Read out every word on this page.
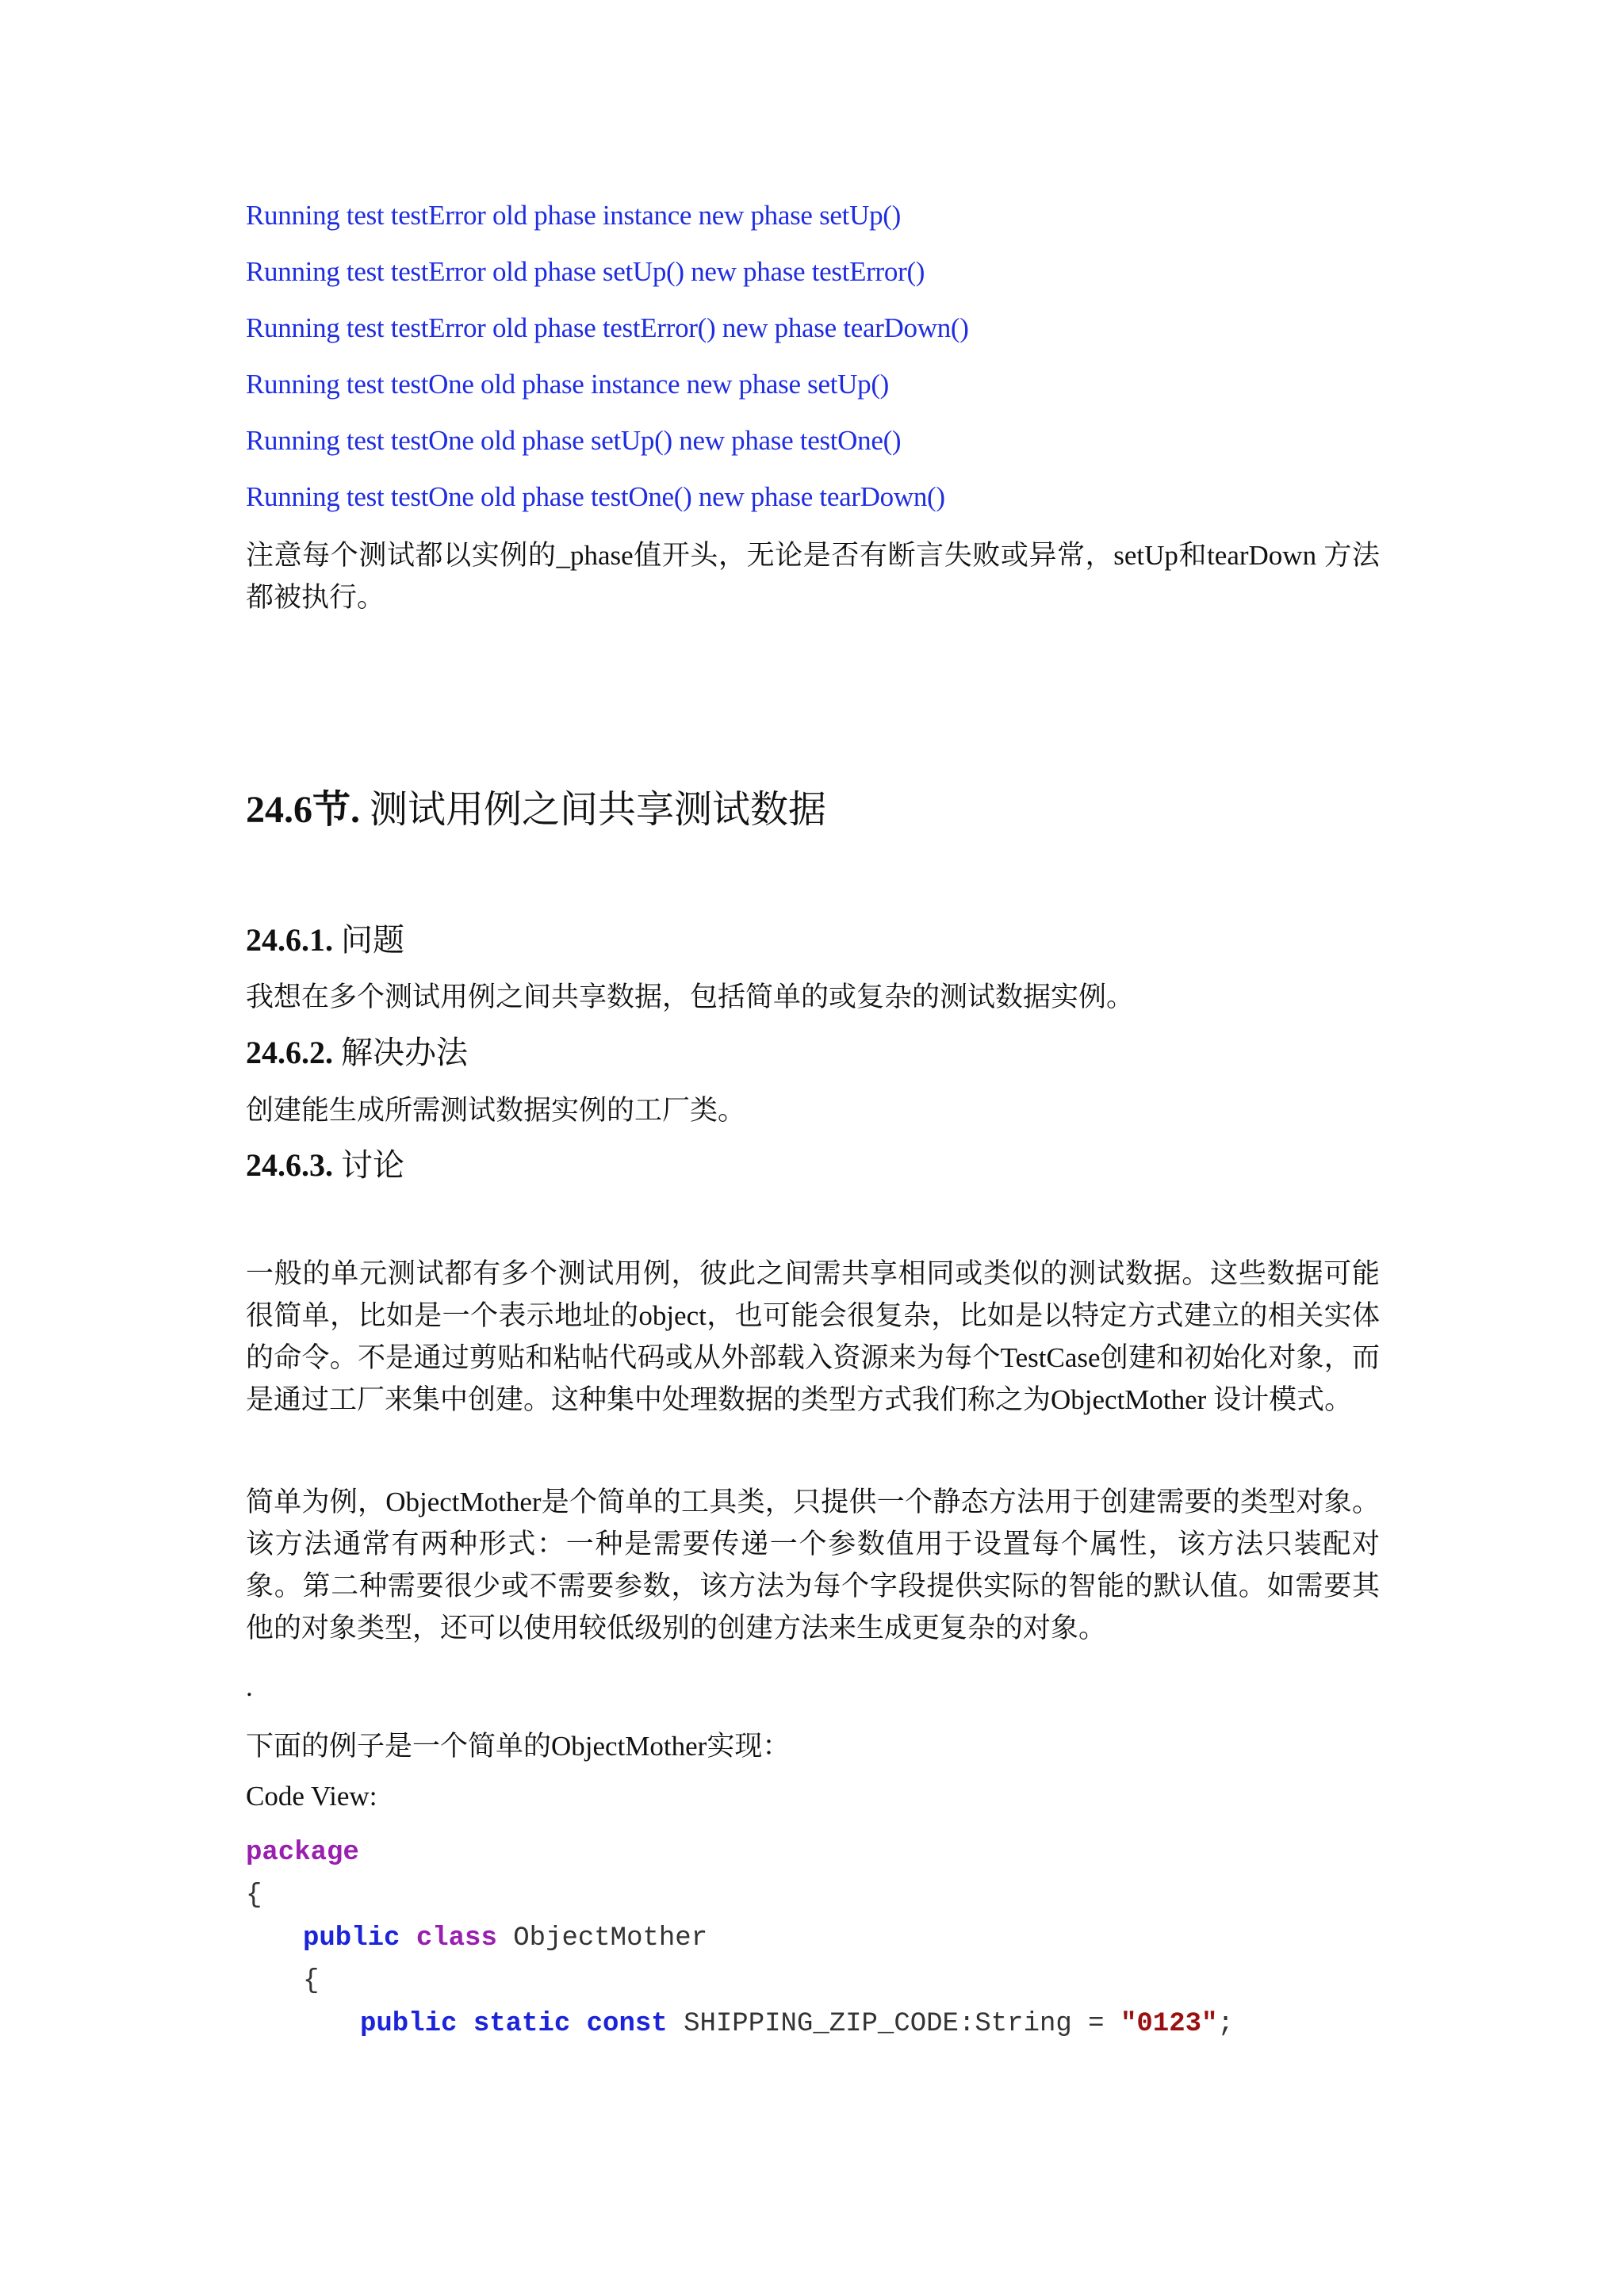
Running test testError old phase instance new phase setUp()
Running test testError old phase setUp() new phase testError()
Running test testError old phase testError() new phase tearDown()
Running test testOne old phase instance new phase setUp()
Running test testOne old phase setUp() new phase testOne()
Running test testOne old phase testOne() new phase tearDown()
注意每个测试都以实例的_phase值开头，无论是否有断言失败或异常，setUp和tearDown 方法都被执行。
24.6节. 测试用例之间共享测试数据
24.6.1. 问题
我想在多个测试用例之间共享数据，包括简单的或复杂的测试数据实例。
24.6.2. 解决办法
创建能生成所需测试数据实例的工厂类。
24.6.3. 讨论
一般的单元测试都有多个测试用例，彼此之间需共享相同或类似的测试数据。这些数据可能很简单，比如是一个表示地址的object，也可能会很复杂，比如是以特定方式建立的相关实体的命令。不是通过剪贴和粘帖代码或从外部载入资源来为每个TestCase创建和初始化对象，而是通过工厂来集中创建。这种集中处理数据的类型方式我们称之为ObjectMother 设计模式。
简单为例，ObjectMother是个简单的工具类，只提供一个静态方法用于创建需要的类型对象。该方法通常有两种形式：一种是需要传递一个参数值用于设置每个属性，该方法只装配对象。第二种需要很少或不需要参数，该方法为每个字段提供实际的智能的默认值。如需要其他的对象类型，还可以使用较低级别的创建方法来生成更复杂的对象。
.
下面的例子是一个简单的ObjectMother实现：
Code View:
package
{
public class ObjectMother
{
public static const SHIPPING_ZIP_CODE:String = "0123";
